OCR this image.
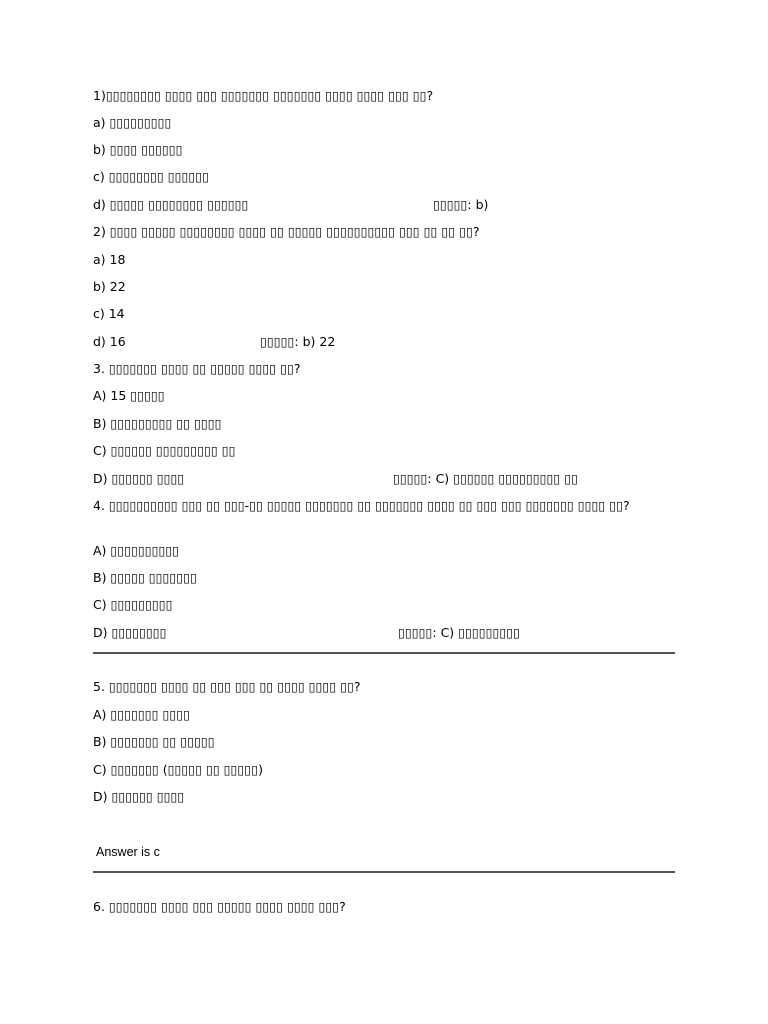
1)▯▯▯▯▯▯▯▯ ▯▯▯▯ ▯▯▯ ▯▯▯▯▯▯▯ ▯▯▯▯▯▯▯ ▯▯▯▯ ▯▯▯▯ ▯▯▯ ▯▯?
a) ▯▯▯▯▯▯▯▯▯
b) ▯▯▯▯ ▯▯▯▯▯▯
c) ▯▯▯▯▯▯▯▯ ▯▯▯▯▯▯
d) ▯▯▯▯▯ ▯▯▯▯▯▯▯▯ ▯▯▯▯▯▯	▯▯▯▯▯: b)
2) ▯▯▯▯ ▯▯▯▯▯ ▯▯▯▯▯▯▯▯ ▯▯▯▯ ▯▯ ▯▯▯▯▯ ▯▯▯▯▯▯▯▯▯▯ ▯▯▯ ▯▯ ▯▯ ▯▯?
a) 18
b) 22
c) 14
d) 16	▯▯▯▯▯: b) 22
3. ▯▯▯▯▯▯▯ ▯▯▯▯ ▯▯ ▯▯▯▯▯ ▯▯▯▯ ▯▯?
A) 15 ▯▯▯▯▯
B) ▯▯▯▯▯▯▯▯▯ ▯▯ ▯▯▯▯
C) ▯▯▯▯▯▯ ▯▯▯▯▯▯▯▯▯ ▯▯
D) ▯▯▯▯▯▯ ▯▯▯▯	▯▯▯▯▯: C) ▯▯▯▯▯▯ ▯▯▯▯▯▯▯▯▯ ▯▯
4. ▯▯▯▯▯▯▯▯▯▯ ▯▯▯ ▯▯ ▯▯▯-▯▯ ▯▯▯▯▯ ▯▯▯▯▯▯▯ ▯▯ ▯▯▯▯▯▯▯ ▯▯▯▯ ▯▯ ▯▯▯ ▯▯▯ ▯▯▯▯▯▯▯ ▯▯▯▯ ▯▯?
A) ▯▯▯▯▯▯▯▯▯▯
B) ▯▯▯▯▯ ▯▯▯▯▯▯▯
C) ▯▯▯▯▯▯▯▯▯
D) ▯▯▯▯▯▯▯▯	▯▯▯▯▯: C) ▯▯▯▯▯▯▯▯▯
5. ▯▯▯▯▯▯▯ ▯▯▯▯ ▯▯ ▯▯▯ ▯▯▯ ▯▯ ▯▯▯▯ ▯▯▯▯ ▯▯?
A) ▯▯▯▯▯▯▯ ▯▯▯▯
B) ▯▯▯▯▯▯▯ ▯▯ ▯▯▯▯▯
C) ▯▯▯▯▯▯▯ (▯▯▯▯▯ ▯▯ ▯▯▯▯▯)
D) ▯▯▯▯▯▯ ▯▯▯▯
Answer is c
6. ▯▯▯▯▯▯▯ ▯▯▯▯ ▯▯▯ ▯▯▯▯▯ ▯▯▯▯ ▯▯▯▯ ▯▯▯?
